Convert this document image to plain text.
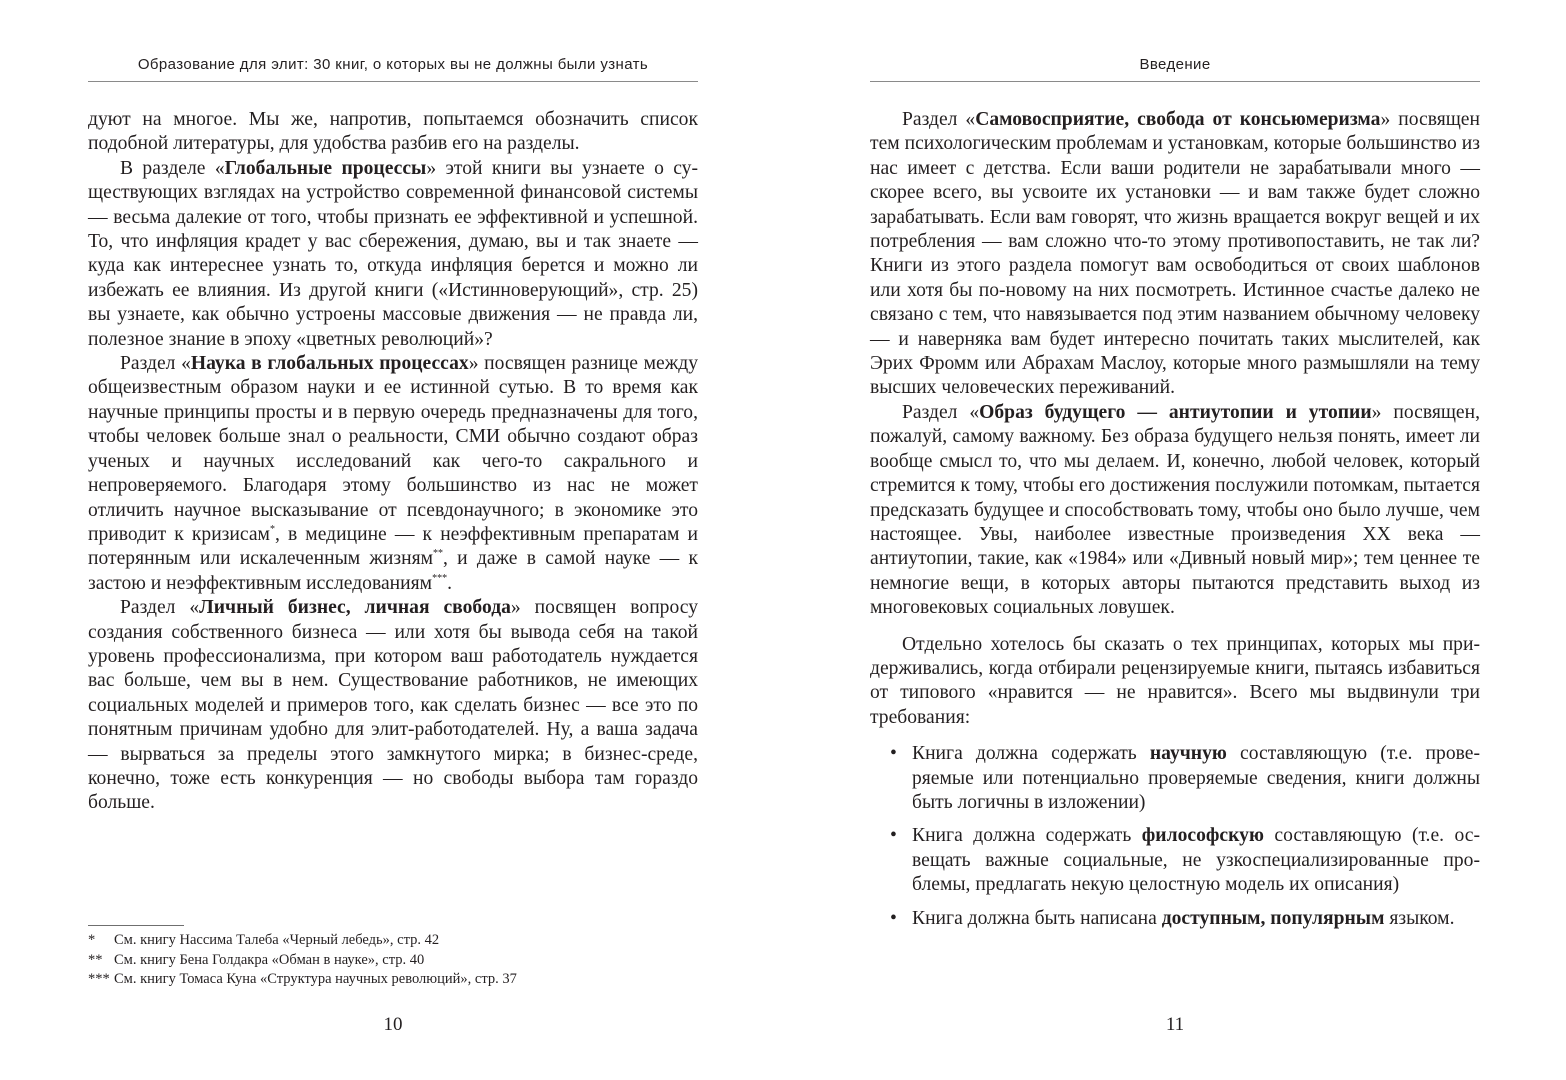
Образование для элит: 30 книг, о которых вы не должны были узнать

дуют на многое. Мы же, напротив, попытаемся обозначить список подобной литературы, для удобства разбив его на разделы.

В разделе «Глобальные процессы» этой книги вы узнаете о существующих взглядах на устройство современной финансовой системы — весьма далекие от того, чтобы признать ее эффективной и успешной. То, что инфляция крадет у вас сбережения, думаю, вы и так знаете — куда как интереснее узнать то, откуда инфляция берется и можно ли избежать ее влияния. Из другой книги («Истинноверующий», стр. 25) вы узнаете, как обычно устроены массовые движения — не правда ли, полезное знание в эпоху «цветных революций»?

Раздел «Наука в глобальных процессах» посвящен разнице между общеизвестным образом науки и ее истинной сутью. В то время как научные принципы просты и в первую очередь предназначены для того, чтобы человек больше знал о реальности, СМИ обычно создают образ ученых и научных исследований как чего-то сакрального и непроверяемого. Благодаря этому большинство из нас не может отличить научное высказывание от псевдонаучного; в экономике это приводит к кризисам*, в медицине — к неэффективным препаратам и потерянным или искалеченным жизням**, и даже в самой науке — к застою и неэффективным исследованиям***.

Раздел «Личный бизнес, личная свобода» посвящен вопросу создания собственного бизнеса — или хотя бы вывода себя на такой уровень профессионализма, при котором ваш работодатель нуждается вас больше, чем вы в нем. Существование работников, не имеющих социальных моделей и примеров того, как сделать бизнес — все это по понятным причинам удобно для элит-работодателей. Ну, а ваша задача — вырваться за пределы этого замкнутого мирка; в бизнес-среде, конечно, тоже есть конкуренция — но свободы выбора там гораздо больше.

*	См. книгу Нассима Талеба «Черный лебедь», стр. 42
** См. книгу Бена Голдакра «Обман в науке», стр. 40
*** См. книгу Томаса Куна «Структура научных революций», стр. 37
10
Введение

Раздел «Самовосприятие, свобода от консьюмеризма» посвящен тем психологическим проблемам и установкам, которые большинство из нас имеет с детства. Если ваши родители не зарабатывали много — скорее всего, вы усвоите их установки — и вам также будет сложно зарабатывать. Если вам говорят, что жизнь вращается вокруг вещей и их потребления — вам сложно что-то этому противопоставить, не так ли? Книги из этого раздела помогут вам освободиться от своих шаблонов или хотя бы по-новому на них посмотреть. Истинное счастье далеко не связано с тем, что навязывается под этим названием обычному человеку — и наверняка вам будет интересно почитать таких мыслителей, как Эрих Фромм или Абрахам Маслоу, которые много размышляли на тему высших человеческих переживаний.

Раздел «Образ будущего — антиутопии и утопии» посвящен, пожалуй, самому важному. Без образа будущего нельзя понять, имеет ли вообще смысл то, что мы делаем. И, конечно, любой человек, который стремится к тому, чтобы его достижения послужили потомкам, пытается предсказать будущее и способствовать тому, чтобы оно было лучше, чем настоящее. Увы, наиболее известные произведения XX века — антиутопии, такие, как «1984» или «Дивный новый мир»; тем ценнее те немногие вещи, в которых авторы пытаются представить выход из многовековых социальных ловушек.

Отдельно хотелось бы сказать о тех принципах, которых мы придерживались, когда отбирали рецензируемые книги, пытаясь избавиться от типового «нравится — не нравится». Всего мы выдвинули три требования:

• Книга должна содержать научную составляющую (т.е. проверяемые или потенциально проверяемые сведения, книги должны быть логичны в изложении)
• Книга должна содержать философскую составляющую (т.е. освещать важные социальные, не узкоспециализированные проблемы, предлагать некую целостную модель их описания)
• Книга должна быть написана доступным, популярным языком.
11
